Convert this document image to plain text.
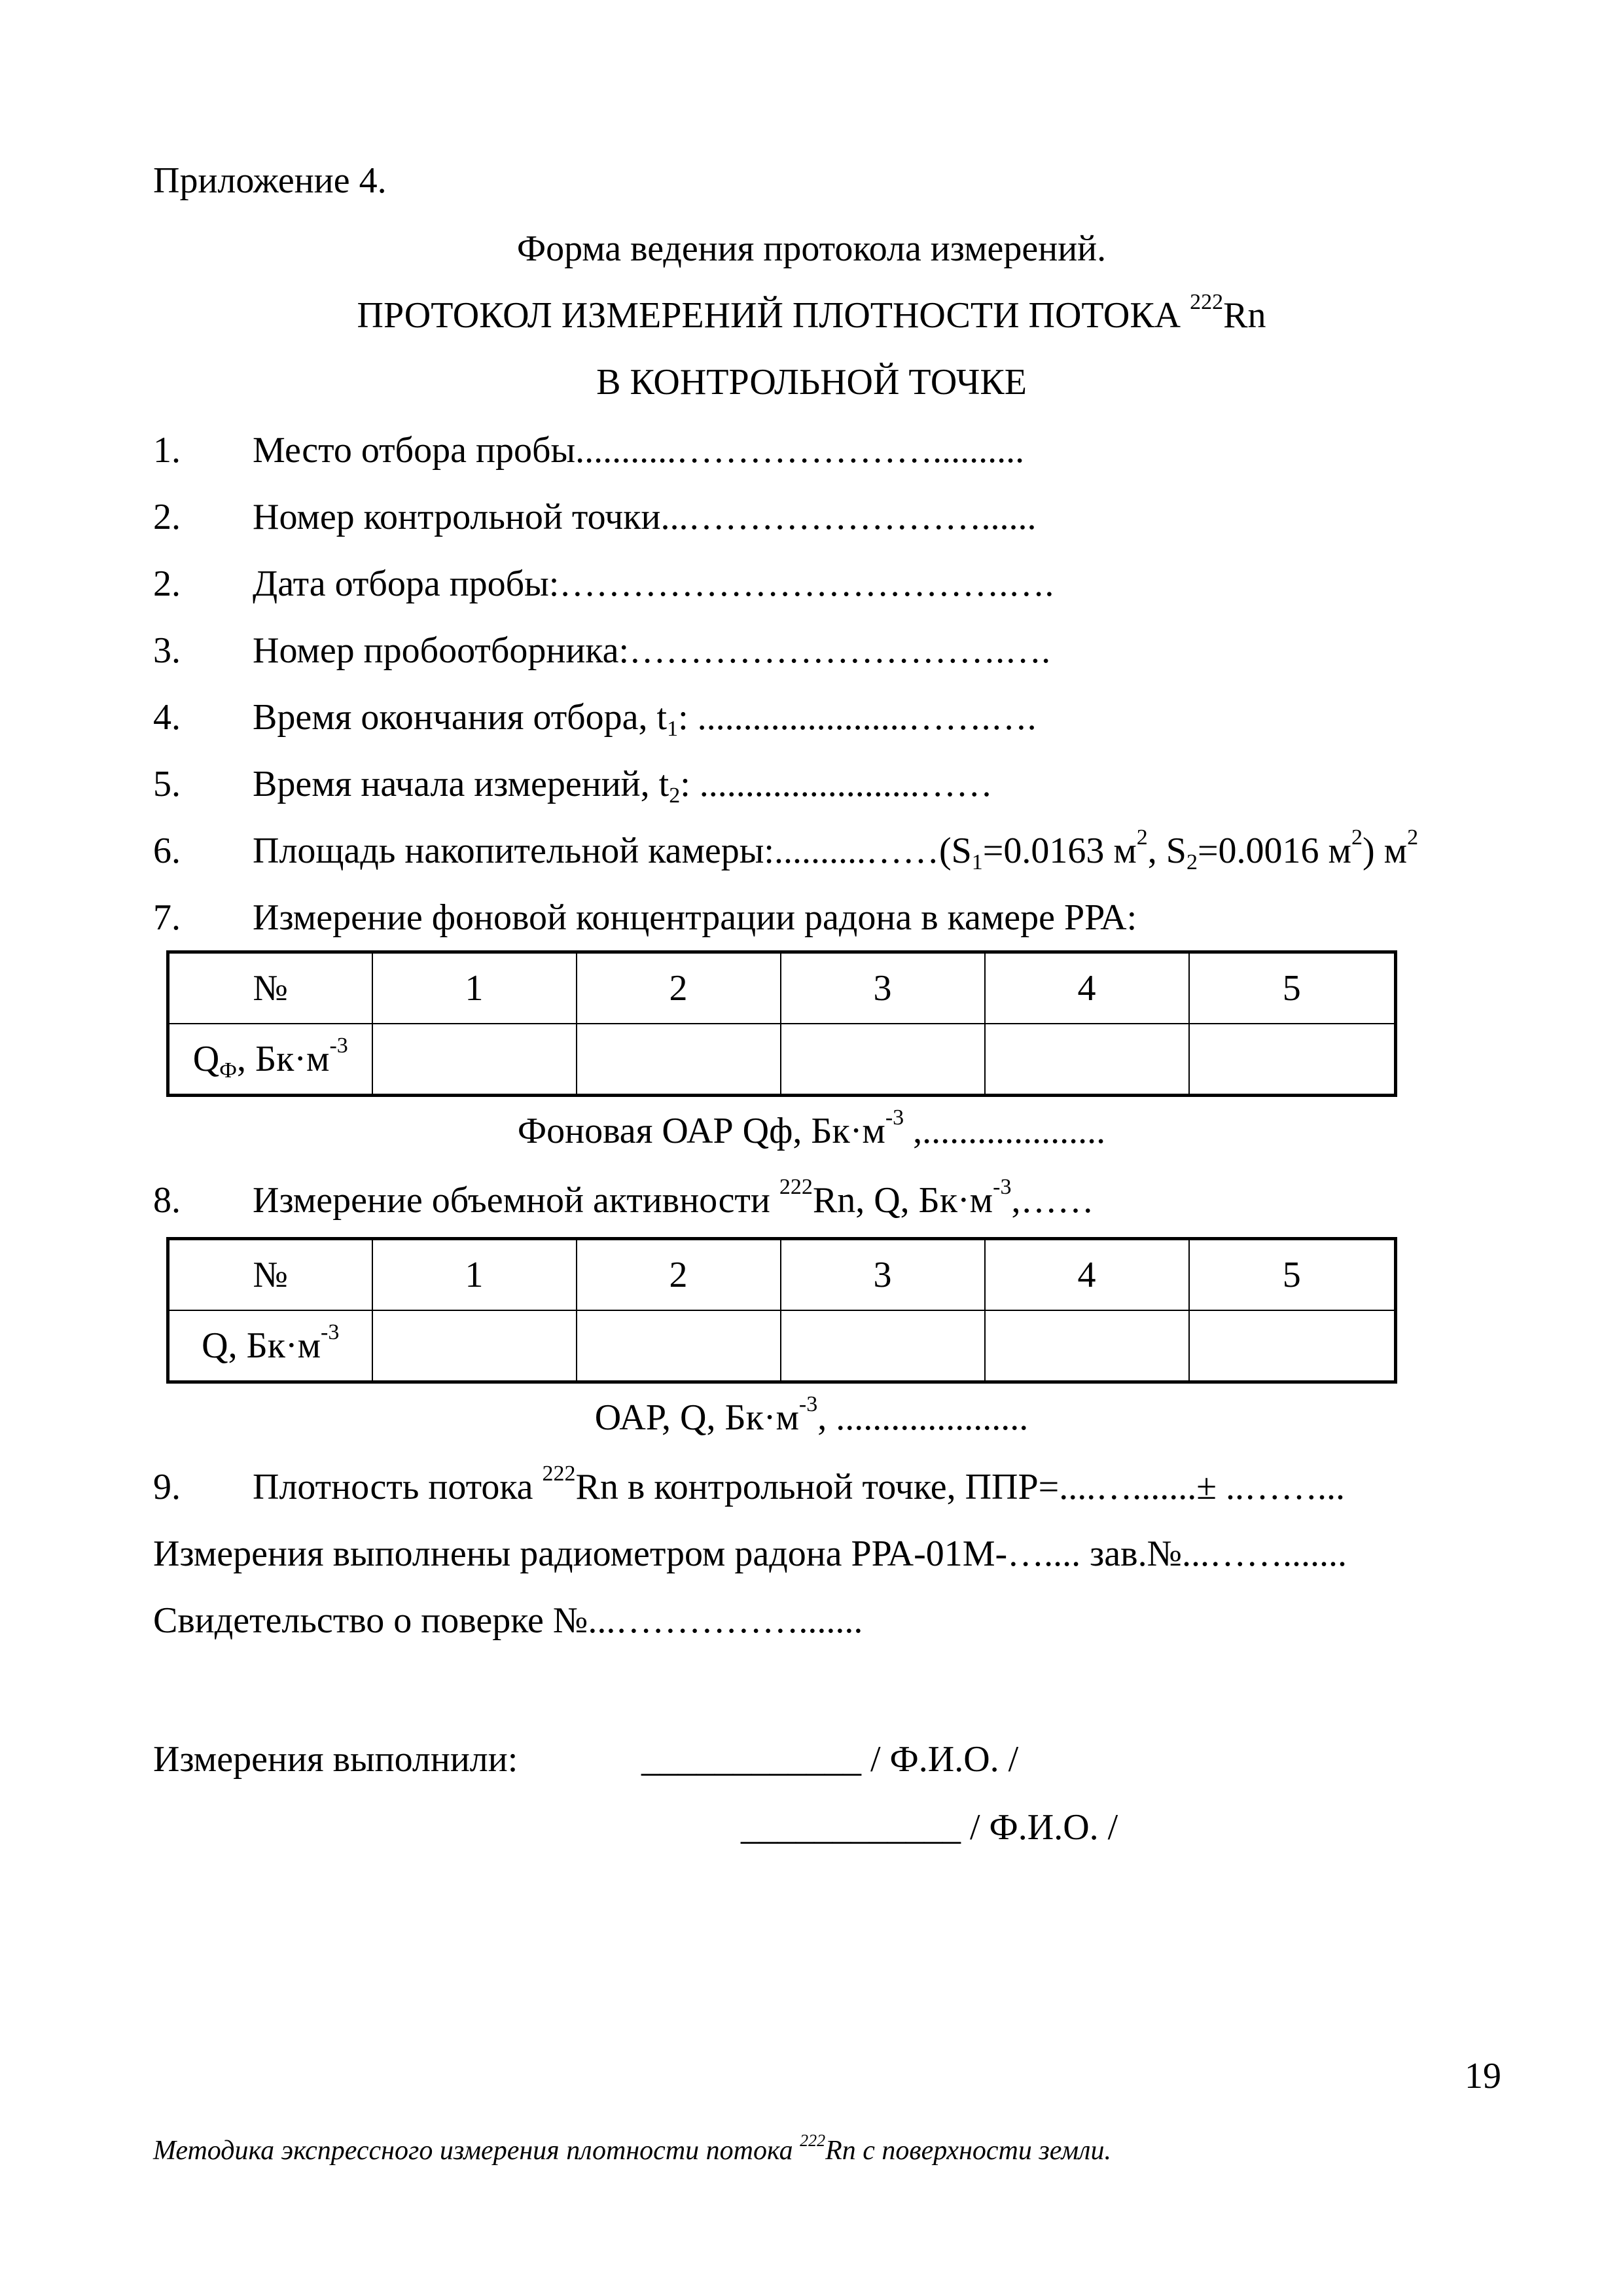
Приложение 4.
Форма ведения протокола измерений.
ПРОТОКОЛ ИЗМЕРЕНИЙ ПЛОТНОСТИ ПОТОКА $^{222}$Rn
В КОНТРОЛЬНОЙ ТОЧКЕ
1. Место отбора пробы...........…………………..........
2. Номер контрольной точки...……………………......
2. Дата отбора пробы:……………………………….….
3. Номер пробоотборника:………………………….….
4. Время окончания отбора, $t_1$: .......................…….….
5. Время начала измерений, $t_2$: ........................……
6. Площадь накопительной $камеры:..........\dots\dots(S_1=0.0163$ $м^2$, $S_2=0.0016$ $м^2$) $м^2$
7. Измерение фоновой концентрации радона в камере РРА:
№	1	2	3	4	5
$Q_Ф$, $Бк\cdot м^{-3}$					
Фоновая ОАР Qф, $Бк\cdot м^{-3}$ ,....................
8. Измерение объемной активности $^{222}$Rn, Q, $Бк\cdot м^{-3},\dots\dots$
№	1	2	3	4	5
Q, $Бк\cdot м^{-3}$					
ОАР, Q, $Бк\cdot м^{-3}$, .....................
9. Плотность потока $^{222}$Rn в контрольной точке, ППР=....….......± ..……...
Измерения выполнены радиометром радона РРА-01М-….... зав.№...…….......
Свидетельство о поверке №...…………….......
Измерения выполнили:	____________ / Ф.И.О. /
____________ / Ф.И.О. /
19
Методика экспрессного измерения плотности потока $^{222}$Rn с поверхности земли.
